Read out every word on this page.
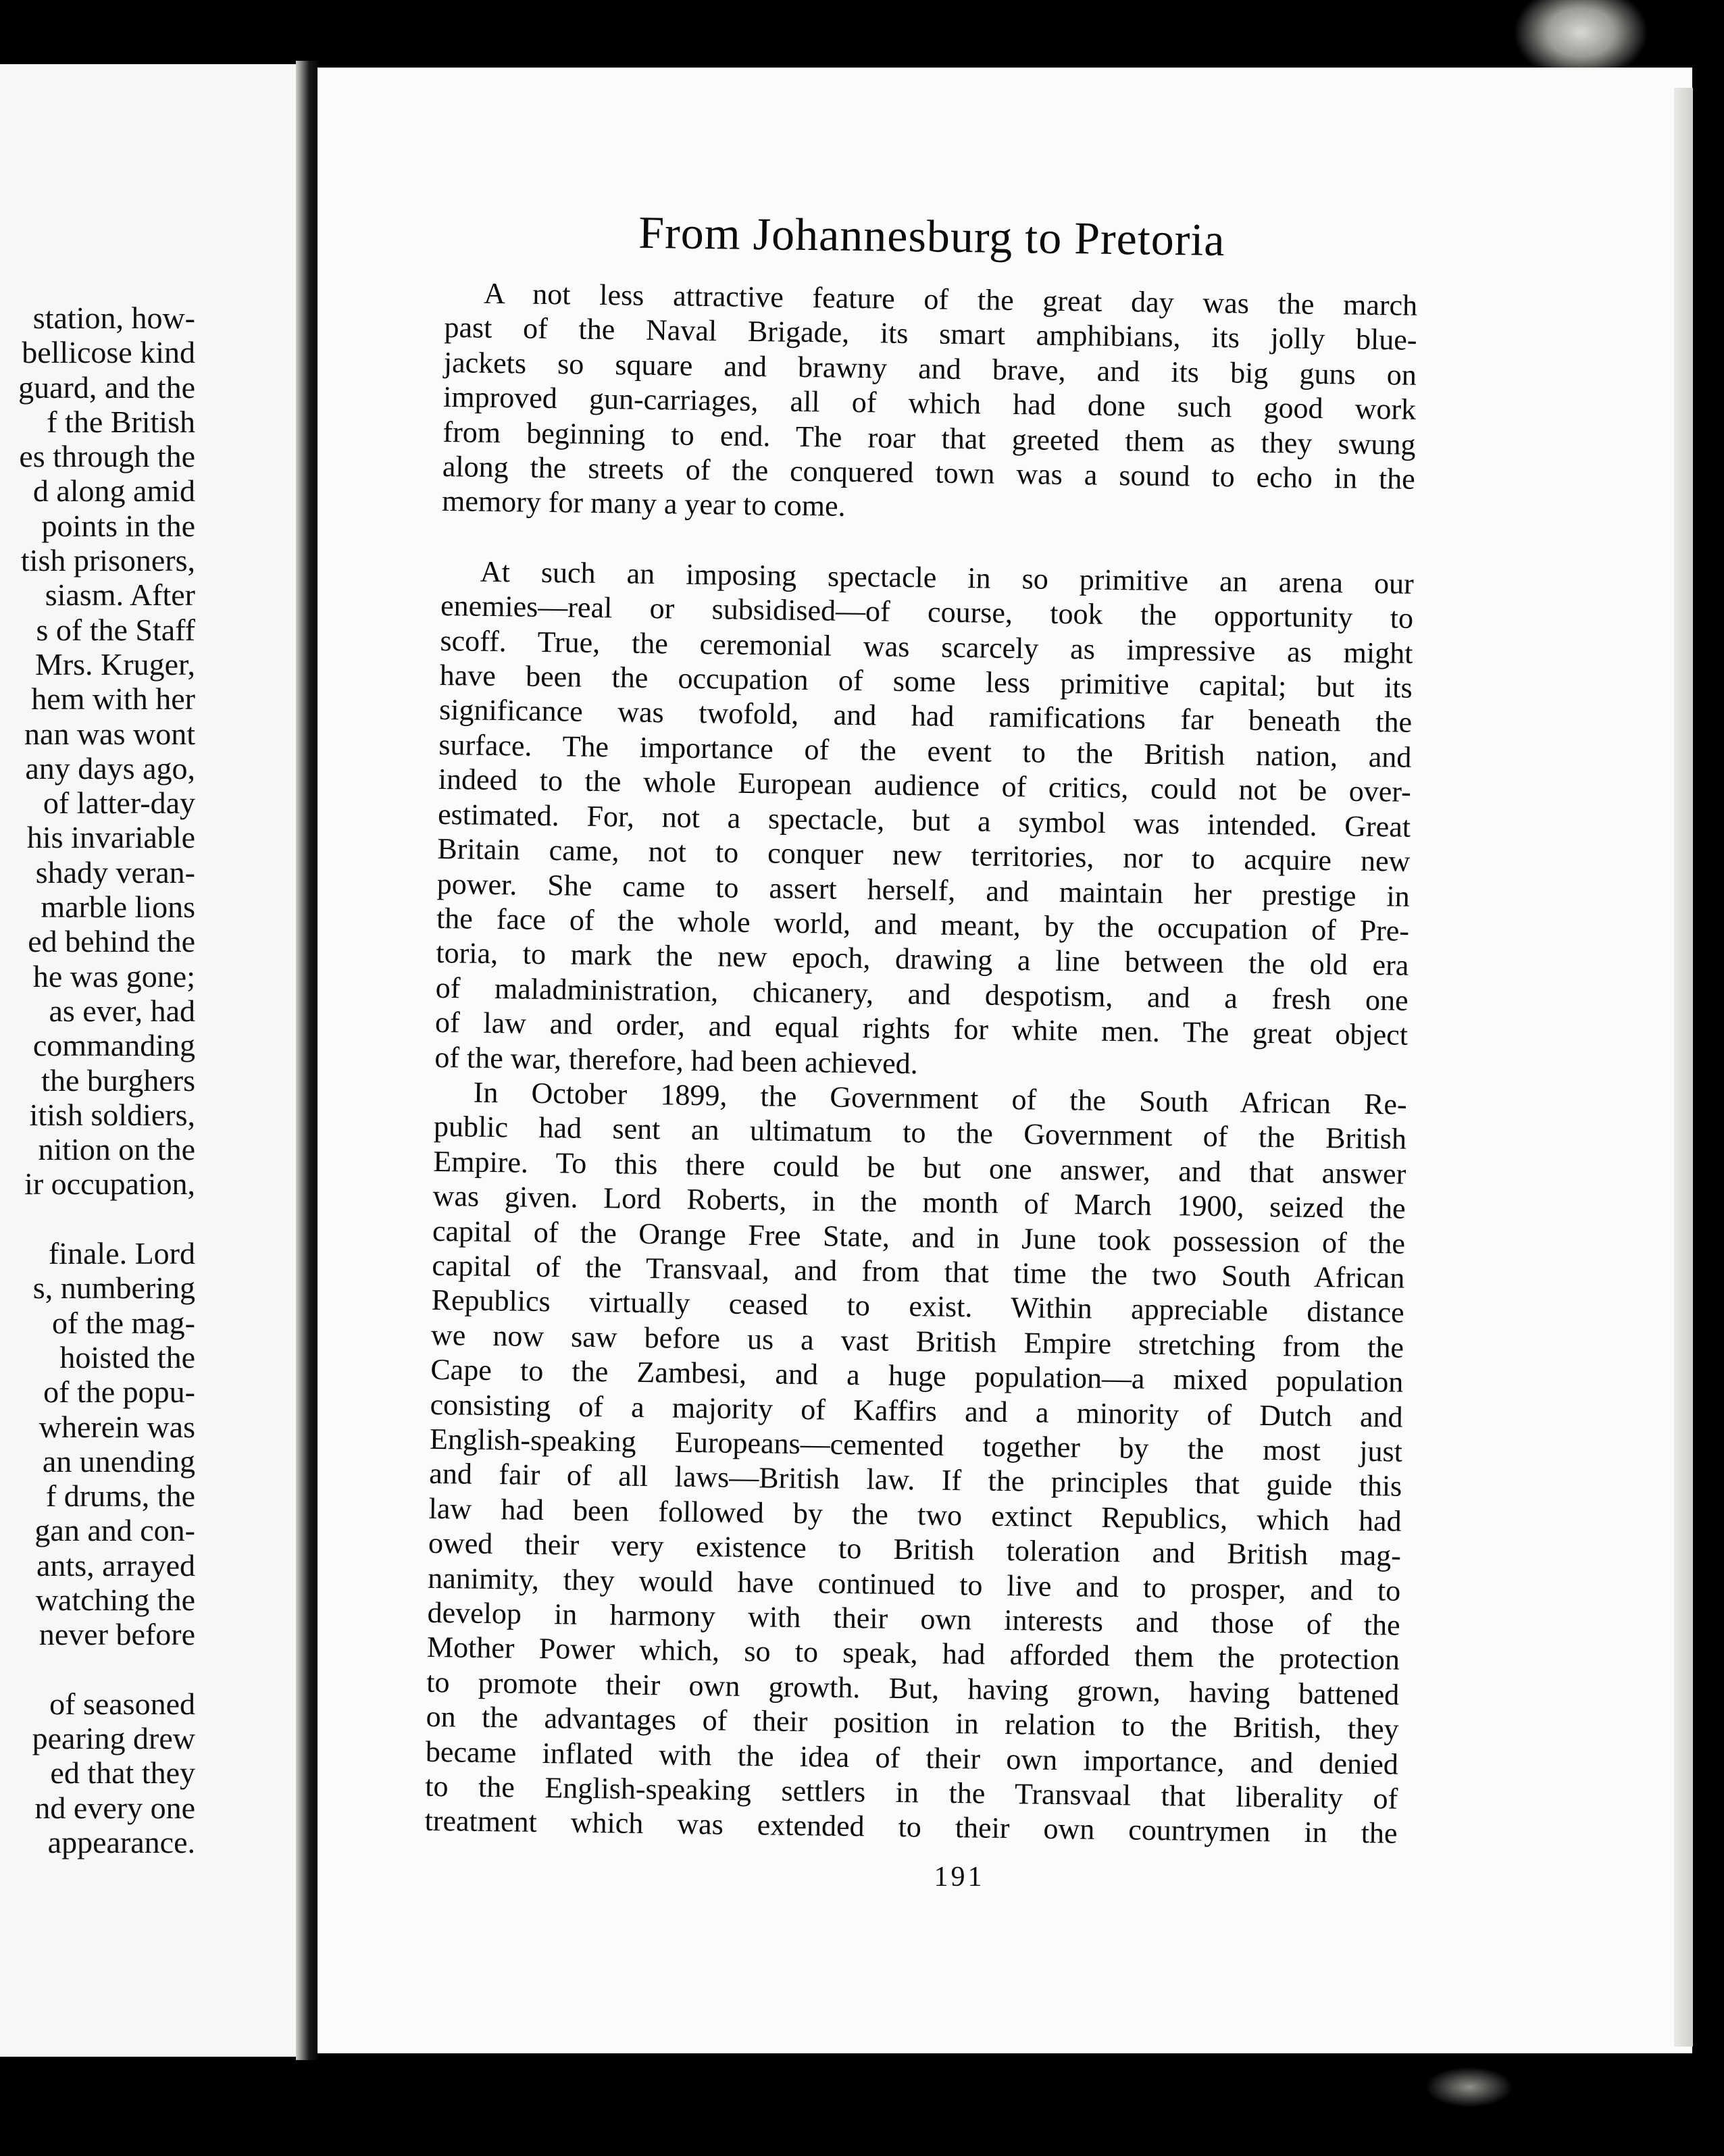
station, how-
bellicose kind
guard, and the
f the British
es through the
d along amid
points in the
tish prisoners,
siasm. After
s of the Staff
Mrs. Kruger,
hem with her
nan was wont
any days ago,
of latter-day
his invariable
shady veran-
marble lions
ed behind the
he was gone;
as ever, had
commanding
the burghers
itish soldiers,
nition on the
ir occupation,
finale. Lord
s, numbering
of the mag-
hoisted the
of the popu-
wherein was
an unending
f drums, the
gan and con-
ants, arrayed
watching the
never before
of seasoned
pearing drew
ed that they
nd every one
appearance.
From Johannesburg to Pretoria

A not less attractive feature of the great day was the march
past of the Naval Brigade, its smart amphibians, its jolly blue-
jackets so square and brawny and brave, and its big guns on
improved gun-carriages, all of which had done such good work
from beginning to end. The roar that greeted them as they swung
along the streets of the conquered town was a sound to echo in the
memory for many a year to come.

At such an imposing spectacle in so primitive an arena our
enemies—real or subsidised—of course, took the opportunity to
scoff. True, the ceremonial was scarcely as impressive as might
have been the occupation of some less primitive capital; but its
significance was twofold, and had ramifications far beneath the
surface. The importance of the event to the British nation, and
indeed to the whole European audience of critics, could not be over-
estimated. For, not a spectacle, but a symbol was intended. Great
Britain came, not to conquer new territories, nor to acquire new
power. She came to assert herself, and maintain her prestige in
the face of the whole world, and meant, by the occupation of Pre-
toria, to mark the new epoch, drawing a line between the old era
of maladministration, chicanery, and despotism, and a fresh one
of law and order, and equal rights for white men. The great object
of the war, therefore, had been achieved.

In October 1899, the Government of the South African Re-
public had sent an ultimatum to the Government of the British
Empire. To this there could be but one answer, and that answer
was given. Lord Roberts, in the month of March 1900, seized the
capital of the Orange Free State, and in June took possession of the
capital of the Transvaal, and from that time the two South African
Republics virtually ceased to exist. Within appreciable distance
we now saw before us a vast British Empire stretching from the
Cape to the Zambesi, and a huge population—a mixed population
consisting of a majority of Kaffirs and a minority of Dutch and
English-speaking Europeans—cemented together by the most just
and fair of all laws—British law. If the principles that guide this
law had been followed by the two extinct Republics, which had
owed their very existence to British toleration and British mag-
nanimity, they would have continued to live and to prosper, and to
develop in harmony with their own interests and those of the
Mother Power which, so to speak, had afforded them the protection
to promote their own growth. But, having grown, having battened
on the advantages of their position in relation to the British, they
became inflated with the idea of their own importance, and denied
to the English-speaking settlers in the Transvaal that liberality of
treatment which was extended to their own countrymen in the

191
